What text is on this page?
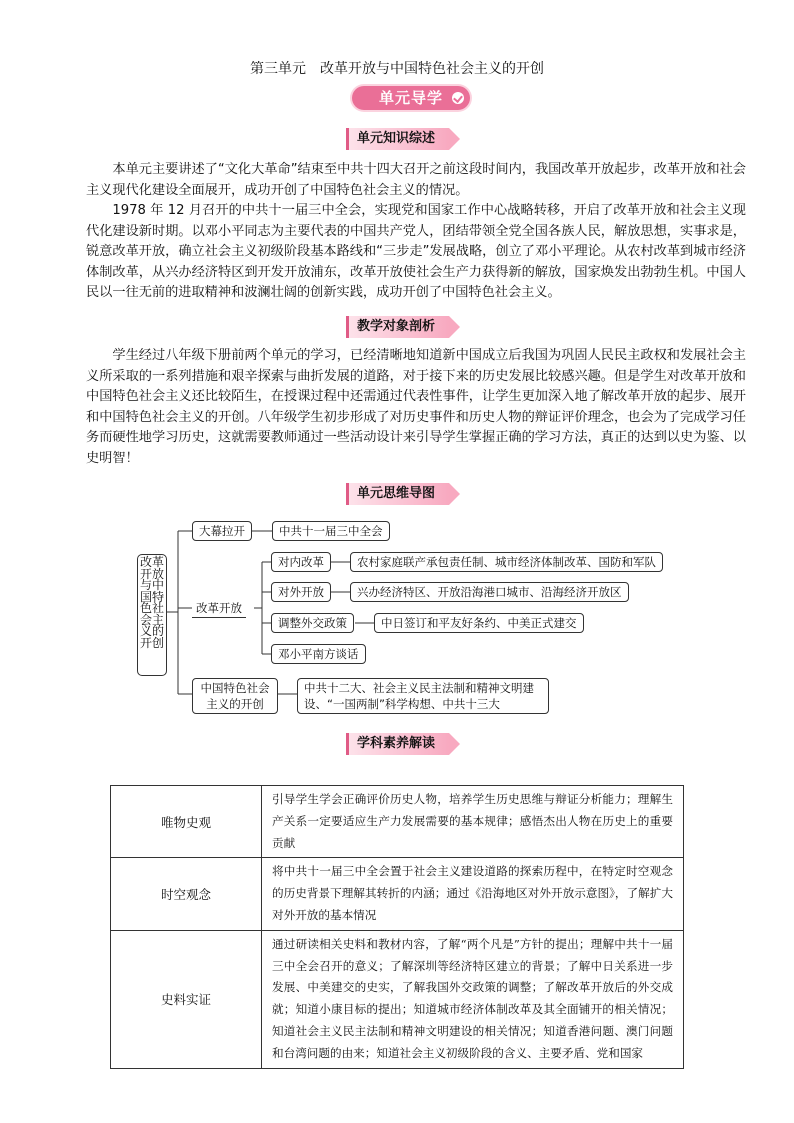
第三单元　改革开放与中国特色社会主义的开创
单元导学
单元知识综述

本单元主要讲述了“文化大革命”结束至中共十四大召开之前这段时间内，我国改革开放起步，改革开放和社会主义现代化建设全面展开，成功开创了中国特色社会主义的情况。

1978 年 12 月召开的中共十一届三中全会，实现党和国家工作中心战略转移，开启了改革开放和社会主义现代化建设新时期。以邓小平同志为主要代表的中国共产党人，团结带领全党全国各族人民，解放思想，实事求是，锐意改革开放，确立社会主义初级阶段基本路线和“三步走”发展战略，创立了邓小平理论。从农村改革到城市经济体制改革，从兴办经济特区到开发开放浦东，改革开放使社会生产力获得新的解放，国家焕发出勃勃生机。中国人民以一往无前的进取精神和波澜壮阔的创新实践，成功开创了中国特色社会主义。

教学对象剖析

学生经过八年级下册前两个单元的学习，已经清晰地知道新中国成立后我国为巩固人民民主政权和发展社会主义所采取的一系列措施和艰辛探索与曲折发展的道路，对于接下来的历史发展比较感兴趣。但是学生对改革开放和中国特色社会主义还比较陌生，在授课过程中还需通过代表性事件，让学生更加深入地了解改革开放的起步、展开和中国特色社会主义的开创。八年级学生初步形成了对历史事件和历史人物的辩证评价理念，也会为了完成学习任务而硬性地学习历史，这就需要教师通过一些活动设计来引导学生掌握正确的学习方法，真正的达到以史为鉴、以史明智！

单元思维导图
改革开放与中国特色社会主义的开创
大幕拉开	中共十一届三中全会
改革开放
对内改革	农村家庭联产承包责任制、城市经济体制改革、国防和军队
对外开放	兴办经济特区、开放沿海港口城市、沿海经济开放区
调整外交政策	中日签订和平友好条约、中美正式建交
邓小平南方谈话
中国特色社会主义的开创
中共十二大、社会主义民主法制和精神文明建设、“一国两制”科学构想、中共十三大
学科素养解读
唯物史观	引导学生学会正确评价历史人物，培养学生历史思维与辩证分析能力；理解生产关系一定要适应生产力发展需要的基本规律；感悟杰出人物在历史上的重要贡献
时空观念	将中共十一届三中全会置于社会主义建设道路的探索历程中，在特定时空观念的历史背景下理解其转折的内涵；通过《沿海地区对外开放示意图》，了解扩大对外开放的基本情况
史料实证	通过研读相关史料和教材内容，了解“两个凡是”方针的提出；理解中共十一届三中全会召开的意义；了解深圳等经济特区建立的背景；了解中日关系进一步发展、中美建交的史实，了解我国外交政策的调整；了解改革开放后的外交成就；知道小康目标的提出；知道城市经济体制改革及其全面铺开的相关情况；知道社会主义民主法制和精神文明建设的相关情况；知道香港问题、澳门问题和台湾问题的由来；知道社会主义初级阶段的含义、主要矛盾、党和国家
